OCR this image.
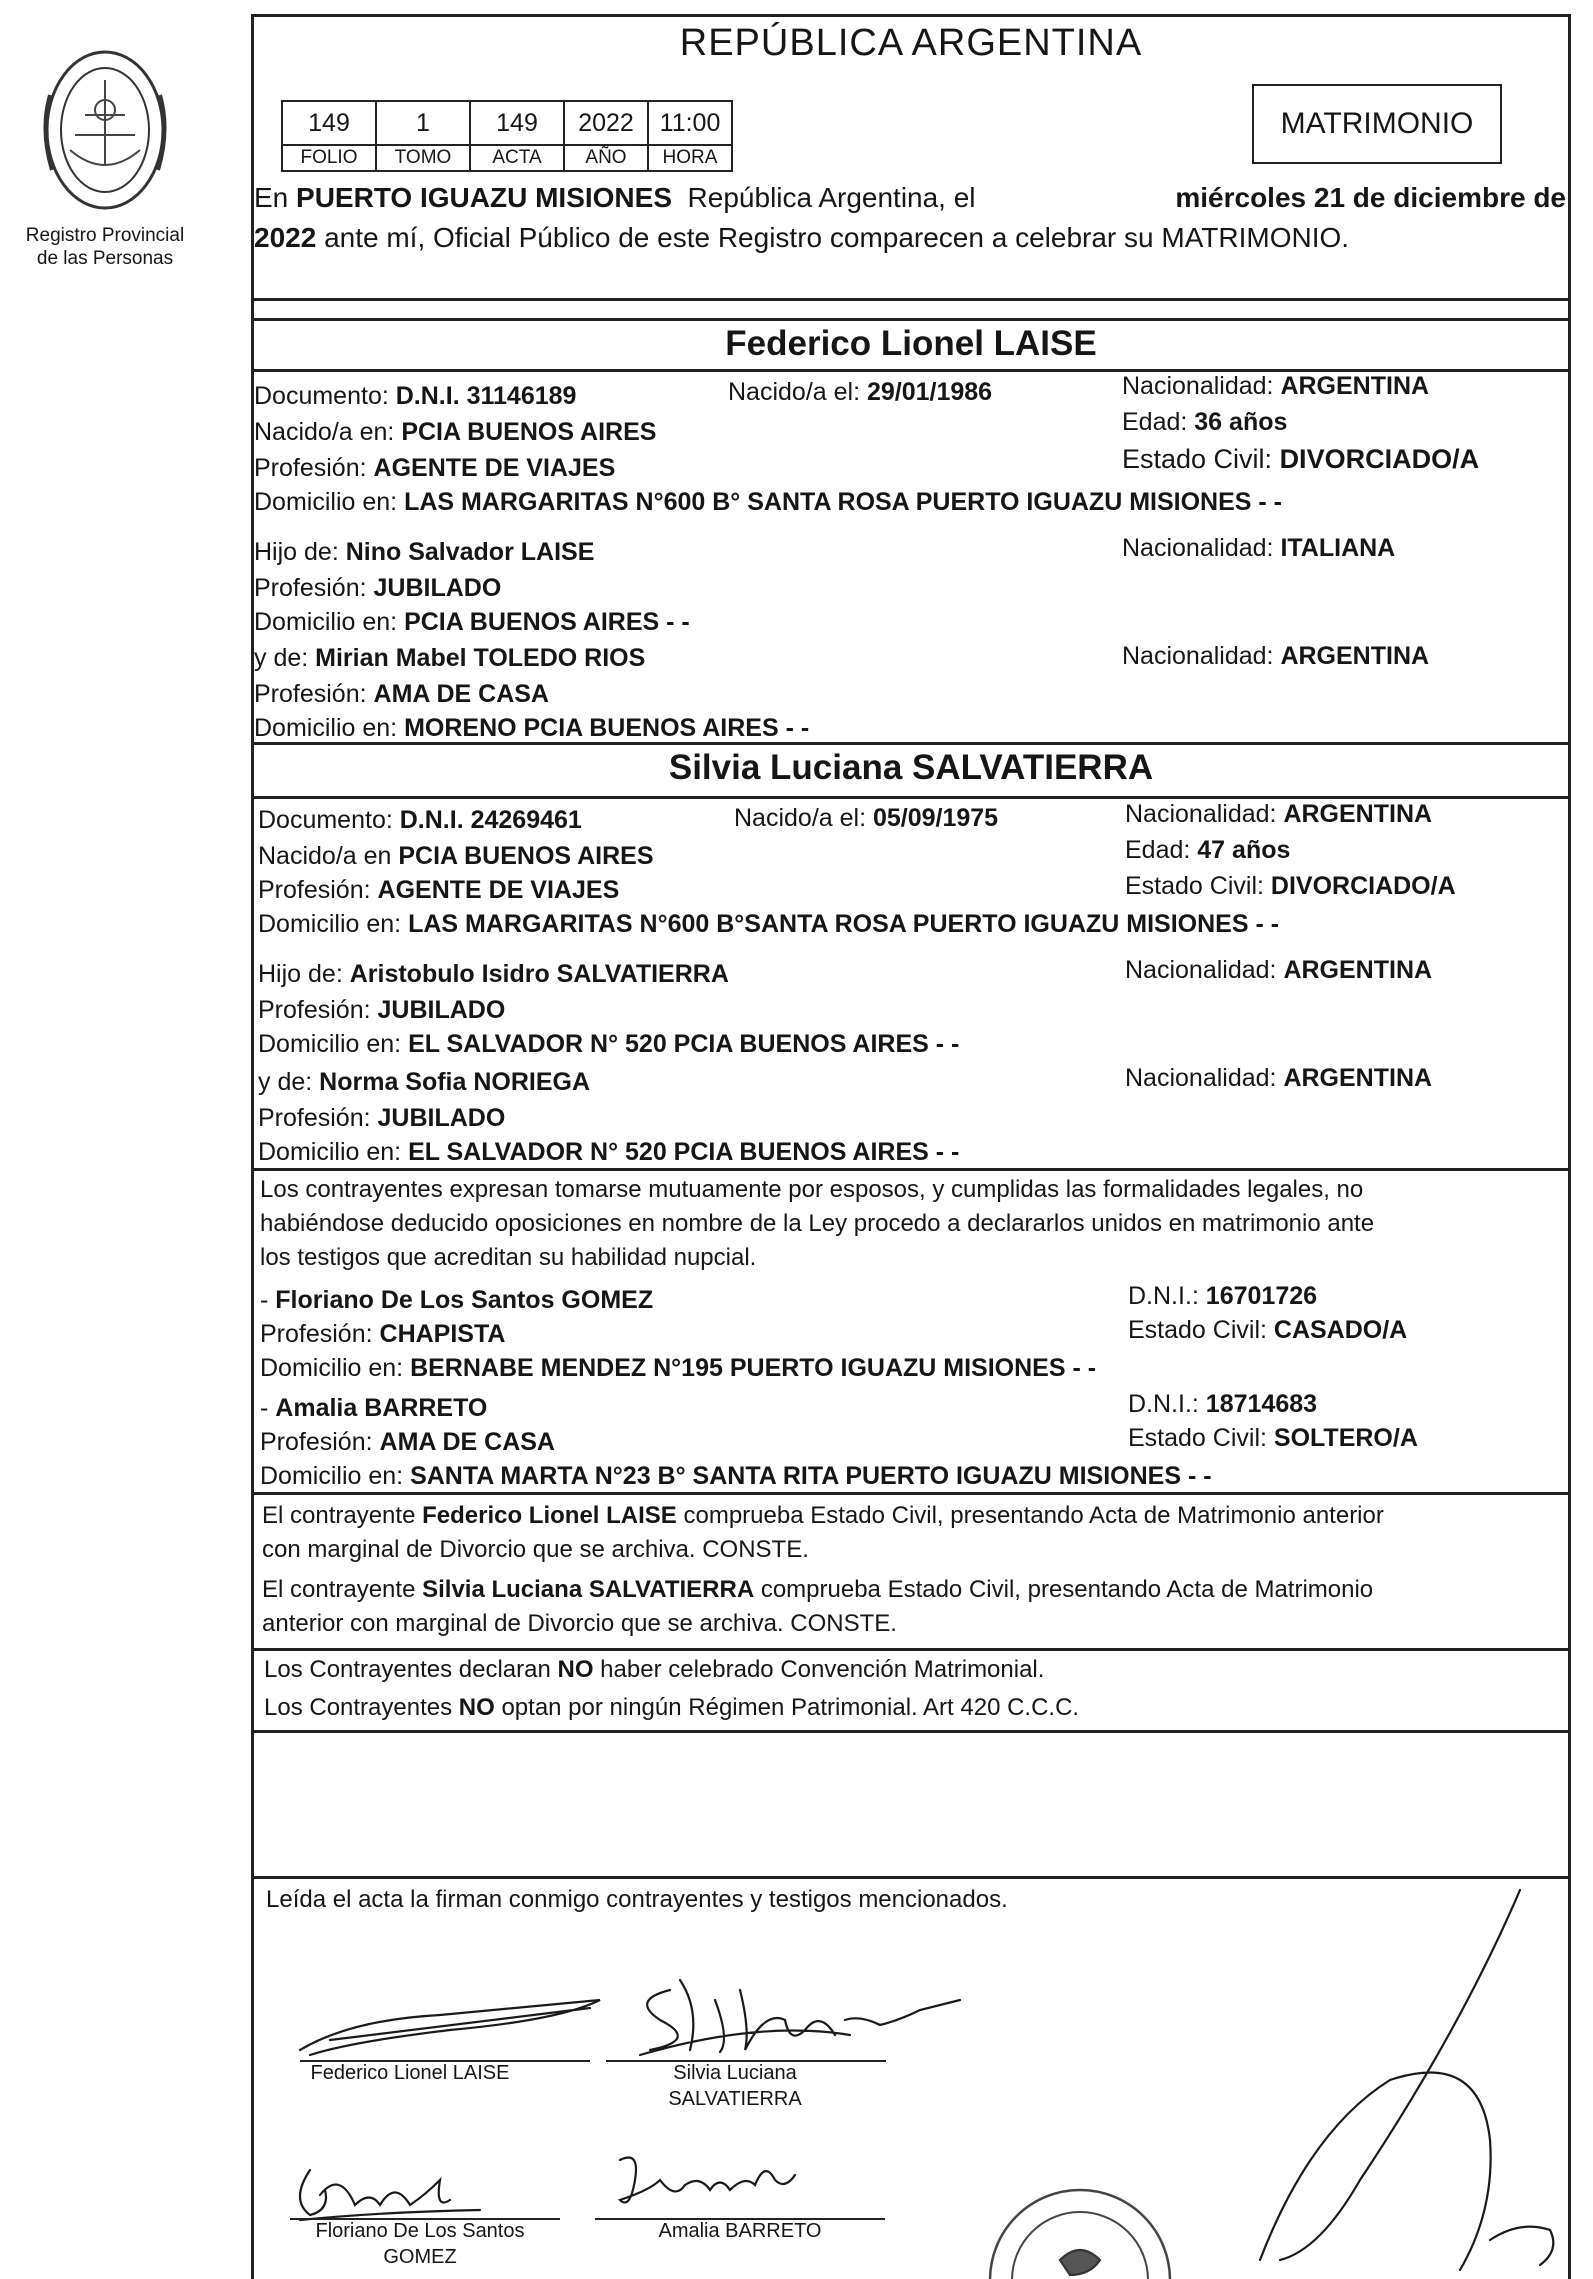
Registro Provincial
de las Personas
REPÚBLICA ARGENTINA
149	1	149	2022	11:00
FOLIO	TOMO	ACTA	AÑO	HORA
MATRIMONIO
En PUERTO IGUAZU MISIONES  República Argentina, el	miércoles 21 de diciembre de
2022 ante mí, Oficial Público de este Registro comparecen a celebrar su MATRIMONIO.
Federico Lionel LAISE
Documento: D.N.I. 31146189	Nacido/a el: 29/01/1986	Nacionalidad: ARGENTINA
Nacido/a en: PCIA BUENOS AIRES	Edad: 36 años
Profesión: AGENTE DE VIAJES	Estado Civil: DIVORCIADO/A
Domicilio en: LAS MARGARITAS N°600 B° SANTA ROSA PUERTO IGUAZU MISIONES - -
Hijo de: Nino Salvador LAISE	Nacionalidad: ITALIANA
Profesión: JUBILADO
Domicilio en: PCIA BUENOS AIRES - -
y de: Mirian Mabel TOLEDO RIOS	Nacionalidad: ARGENTINA
Profesión: AMA DE CASA
Domicilio en: MORENO PCIA BUENOS AIRES - -
Silvia Luciana SALVATIERRA
Documento: D.N.I. 24269461	Nacido/a el: 05/09/1975	Nacionalidad: ARGENTINA
Nacido/a en PCIA BUENOS AIRES	Edad: 47 años
Profesión: AGENTE DE VIAJES	Estado Civil: DIVORCIADO/A
Domicilio en: LAS MARGARITAS N°600 B°SANTA ROSA PUERTO IGUAZU MISIONES - -
Hijo de: Aristobulo Isidro SALVATIERRA	Nacionalidad: ARGENTINA
Profesión: JUBILADO
Domicilio en: EL SALVADOR N° 520 PCIA BUENOS AIRES - -
y de: Norma Sofia NORIEGA	Nacionalidad: ARGENTINA
Profesión: JUBILADO
Domicilio en: EL SALVADOR N° 520 PCIA BUENOS AIRES - -
Los contrayentes expresan tomarse mutuamente por esposos, y cumplidas las formalidades legales, no
habiéndose deducido oposiciones en nombre de la Ley procedo a declararlos unidos en matrimonio ante
los testigos que acreditan su habilidad nupcial.
- Floriano De Los Santos GOMEZ	D.N.I.: 16701726
Profesión: CHAPISTA	Estado Civil: CASADO/A
Domicilio en: BERNABE MENDEZ N°195 PUERTO IGUAZU MISIONES - -
- Amalia BARRETO	D.N.I.: 18714683
Profesión: AMA DE CASA	Estado Civil: SOLTERO/A
Domicilio en: SANTA MARTA N°23 B° SANTA RITA PUERTO IGUAZU MISIONES - -
El contrayente Federico Lionel LAISE comprueba Estado Civil, presentando Acta de Matrimonio anterior
con marginal de Divorcio que se archiva. CONSTE.
El contrayente Silvia Luciana SALVATIERRA comprueba Estado Civil, presentando Acta de Matrimonio
anterior con marginal de Divorcio que se archiva. CONSTE.
Los Contrayentes declaran NO haber celebrado Convención Matrimonial.
Los Contrayentes NO optan por ningún Régimen Patrimonial. Art 420 C.C.C.
Leída el acta la firman conmigo contrayentes y testigos mencionados.
Federico Lionel LAISE	Silvia Luciana
SALVATIERRA
Floriano De Los Santos
GOMEZ
Amalia BARRETO
